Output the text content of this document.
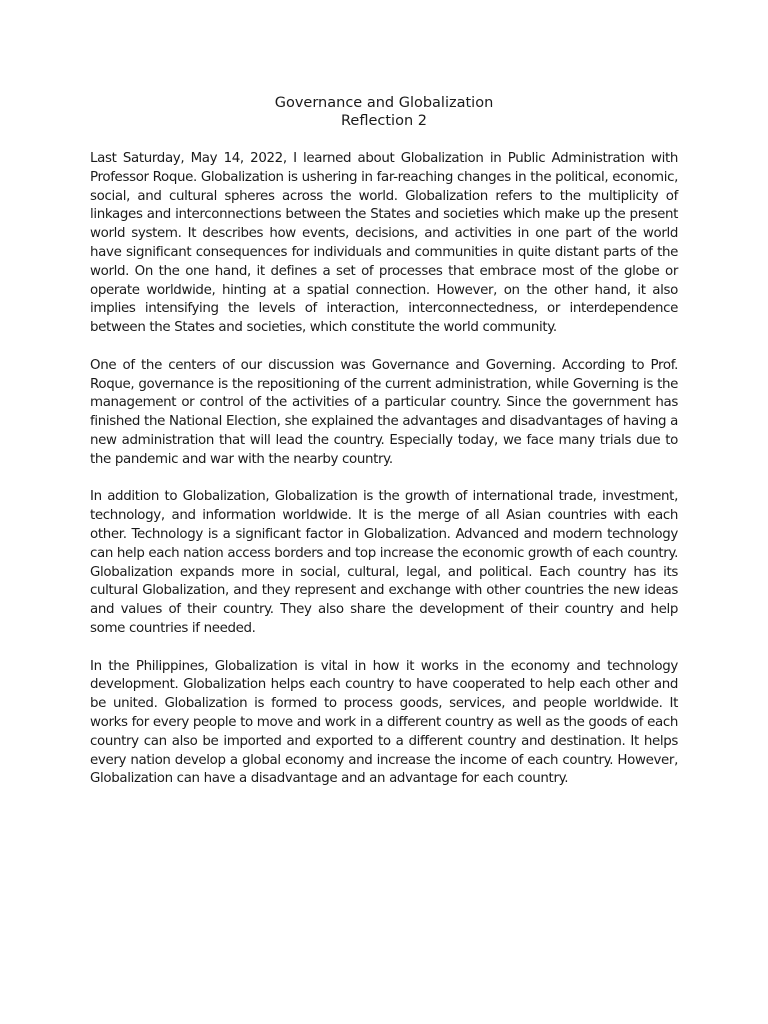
Governance and Globalization
Reflection 2

Last Saturday, May 14, 2022, I learned about Globalization in Public Administration with Professor Roque. Globalization is ushering in far-reaching changes in the political, economic, social, and cultural spheres across the world. Globalization refers to the multiplicity of linkages and interconnections between the States and societies which make up the present world system. It describes how events, decisions, and activities in one part of the world have significant consequences for individuals and communities in quite distant parts of the world. On the one hand, it defines a set of processes that embrace most of the globe or operate worldwide, hinting at a spatial connection. However, on the other hand, it also implies intensifying the levels of interaction, interconnectedness, or interdependence between the States and societies, which constitute the world community.

One of the centers of our discussion was Governance and Governing. According to Prof. Roque, governance is the repositioning of the current administration, while Governing is the management or control of the activities of a particular country. Since the government has finished the National Election, she explained the advantages and disadvantages of having a new administration that will lead the country. Especially today, we face many trials due to the pandemic and war with the nearby country.

In addition to Globalization, Globalization is the growth of international trade, investment, technology, and information worldwide. It is the merge of all Asian countries with each other. Technology is a significant factor in Globalization. Advanced and modern technology can help each nation access borders and top increase the economic growth of each country. Globalization expands more in social, cultural, legal, and political. Each country has its cultural Globalization, and they represent and exchange with other countries the new ideas and values of their country. They also share the development of their country and help some countries if needed.

In the Philippines, Globalization is vital in how it works in the economy and technology development. Globalization helps each country to have cooperated to help each other and be united. Globalization is formed to process goods, services, and people worldwide. It works for every people to move and work in a different country as well as the goods of each country can also be imported and exported to a different country and destination. It helps every nation develop a global economy and increase the income of each country. However, Globalization can have a disadvantage and an advantage for each country.
